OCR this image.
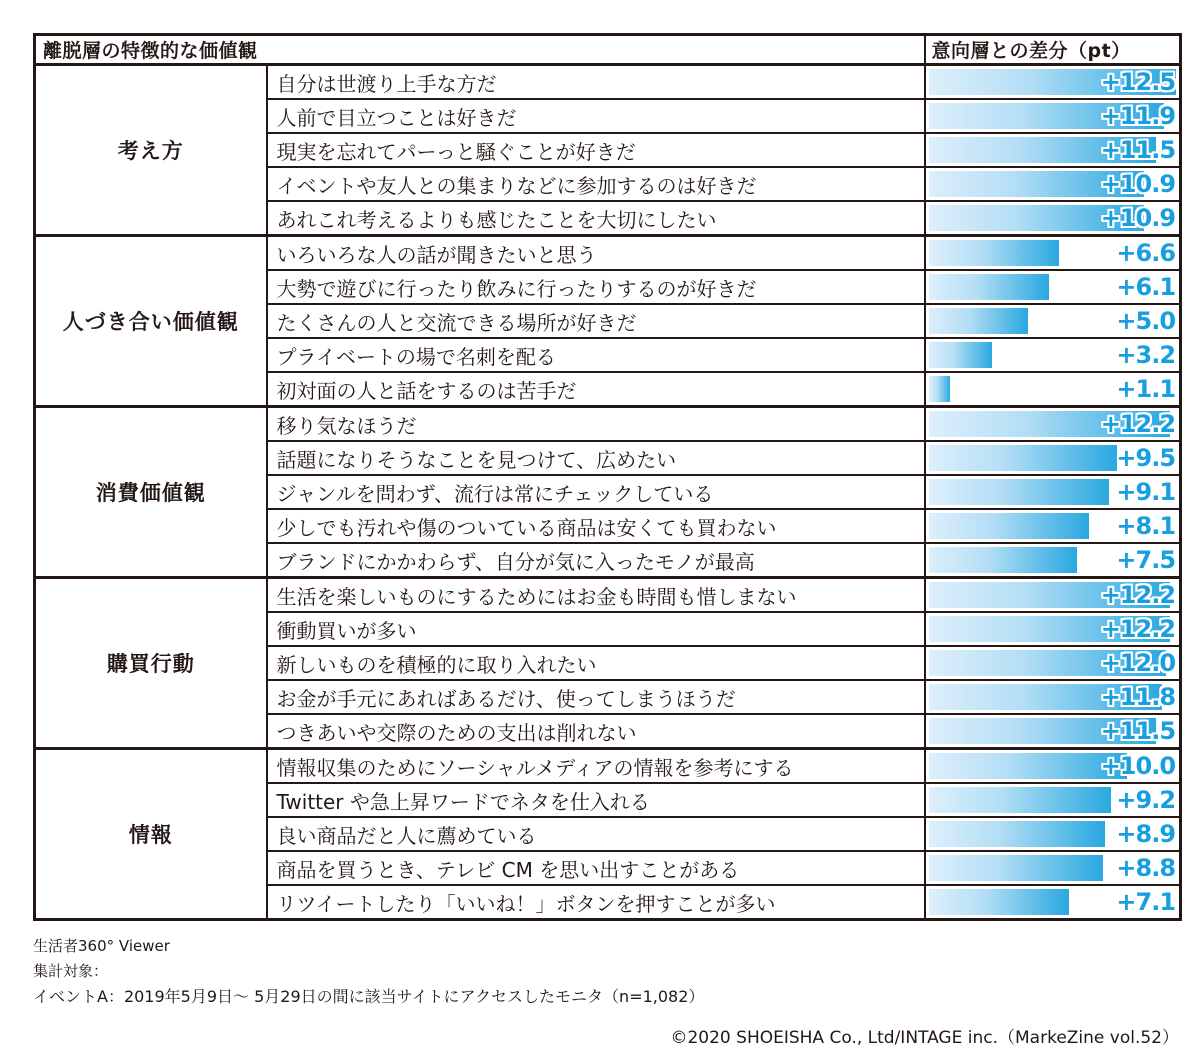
離脱層の特徴的な価値観		意向層との差分（pt）
考え方	自分は世渡り上手な方だ	+12.5

	人前で目立つことは好きだ	+11.9

	現実を忘れてパーっと騒ぐことが好きだ	+11.5

	イベントや友人との集まりなどに参加するのは好きだ	+10.9

	あれこれ考えるよりも感じたことを大切にしたい	+10.9

人づき合い価値観	いろいろな人の話が聞きたいと思う	+6.6

	大勢で遊びに行ったり飲みに行ったりするのが好きだ	+6.1

	たくさんの人と交流できる場所が好きだ	+5.0

	プライベートの場で名刺を配る	+3.2

	初対面の人と話をするのは苦手だ	+1.1

消費価値観	移り気なほうだ	+12.2

	話題になりそうなことを見つけて、広めたい	+9.5

	ジャンルを問わず、流行は常にチェックしている	+9.1

	少しでも汚れや傷のついている商品は安くても買わない	+8.1

	ブランドにかかわらず、自分が気に入ったモノが最高	+7.5

購買行動	生活を楽しいものにするためにはお金も時間も惜しまない	+12.2

	衝動買いが多い	+12.2

	新しいものを積極的に取り入れたい	+12.0

	お金が手元にあればあるだけ、使ってしまうほうだ	+11.8

	つきあいや交際のための支出は削れない	+11.5

情報	情報収集のためにソーシャルメディアの情報を参考にする	+10.0

	Twitter や急上昇ワードでネタを仕入れる	+9.2

	良い商品だと人に薦めている	+8.9

	商品を買うとき、テレビ CM を思い出すことがある	+8.8

	リツイートしたり「いいね！」ボタンを押すことが多い	+7.1
生活者360° Viewer
集計対象：
イベントA：2019年5月9日〜 5月29日の間に該当サイトにアクセスしたモニタ（n=1,082）
©2020 SHOEISHA Co., Ltd/INTAGE inc.（MarkeZine vol.52）
